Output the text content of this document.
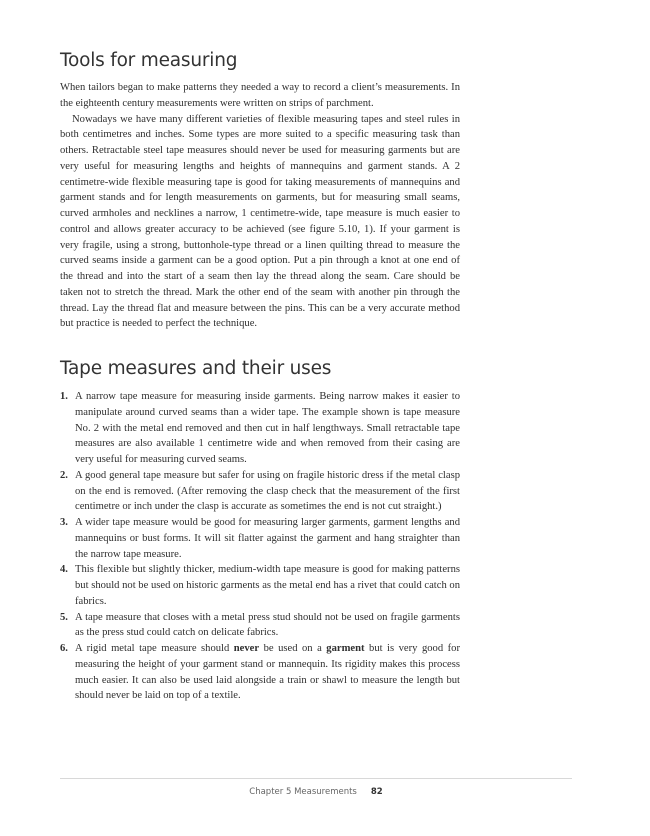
Tools for measuring

When tailors began to make patterns they needed a way to record a client’s measurements. In the eighteenth century measurements were written on strips of parchment.

Nowadays we have many different varieties of flexible measuring tapes and steel rules in both centimetres and inches. Some types are more suited to a specific measuring task than others. Retractable steel tape measures should never be used for measuring garments but are very useful for measuring lengths and heights of mannequins and garment stands. A 2 centimetre-wide flexible measuring tape is good for taking measurements of mannequins and garment stands and for length measurements on garments, but for measuring small seams, curved armholes and necklines a narrow, 1 centimetre-wide, tape measure is much easier to control and allows greater accuracy to be achieved (see figure 5.10, 1). If your garment is very fragile, using a strong, buttonhole-type thread or a linen quilting thread to measure the curved seams inside a garment can be a good option. Put a pin through a knot at one end of the thread and into the start of a seam then lay the thread along the seam. Care should be taken not to stretch the thread. Mark the other end of the seam with another pin through the thread. Lay the thread flat and measure between the pins. This can be a very accurate method but practice is needed to perfect the technique.

Tape measures and their uses
1. A narrow tape measure for measuring inside garments. Being narrow makes it easier to manipulate around curved seams than a wider tape. The example shown is tape measure No. 2 with the metal end removed and then cut in half lengthways. Small retractable tape measures are also available 1 centimetre wide and when removed from their casing are very useful for measuring curved seams.
2. A good general tape measure but safer for using on fragile historic dress if the metal clasp on the end is removed. (After removing the clasp check that the measurement of the first centimetre or inch under the clasp is accurate as sometimes the end is not cut straight.)
3. A wider tape measure would be good for measuring larger garments, garment lengths and mannequins or bust forms. It will sit flatter against the garment and hang straighter than the narrow tape measure.
4. This flexible but slightly thicker, medium-width tape measure is good for making patterns but should not be used on historic garments as the metal end has a rivet that could catch on fabrics.
5. A tape measure that closes with a metal press stud should not be used on fragile garments as the press stud could catch on delicate fabrics.
6. A rigid metal tape measure should never be used on a garment but is very good for measuring the height of your garment stand or mannequin. Its rigidity makes this process much easier. It can also be used laid alongside a train or shawl to measure the length but should never be laid on top of a textile.
Chapter 5 Measurements 82
